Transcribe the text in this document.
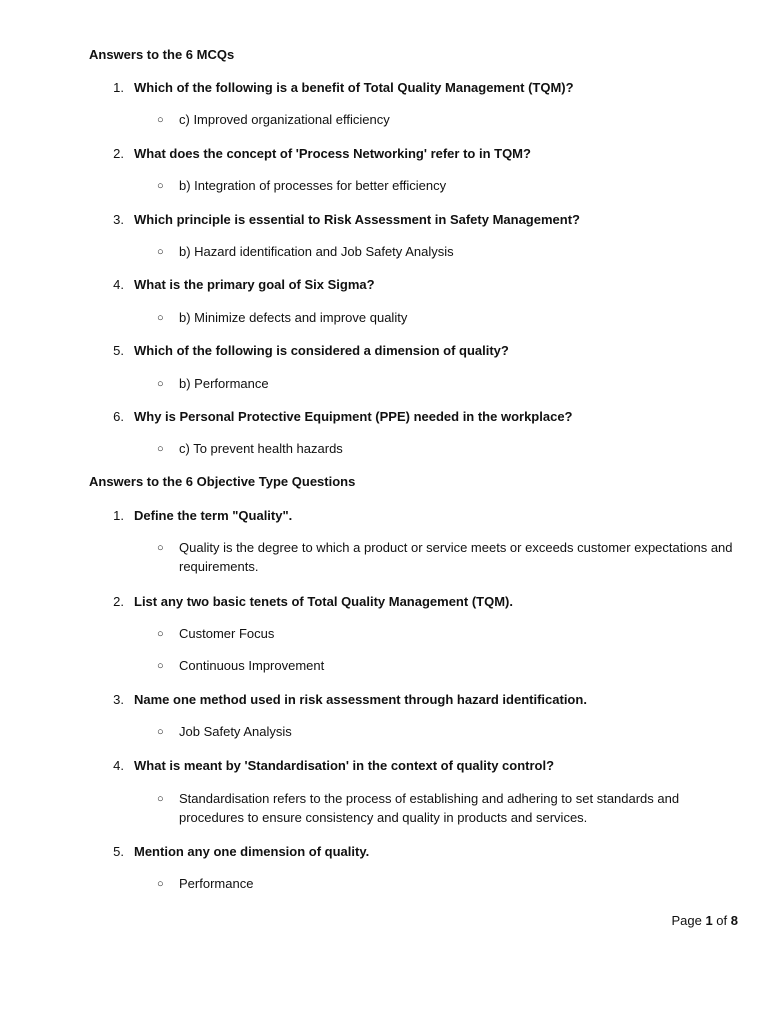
Answers to the 6 MCQs
1. Which of the following is a benefit of Total Quality Management (TQM)?
○ c) Improved organizational efficiency
2. What does the concept of 'Process Networking' refer to in TQM?
○ b) Integration of processes for better efficiency
3. Which principle is essential to Risk Assessment in Safety Management?
○ b) Hazard identification and Job Safety Analysis
4. What is the primary goal of Six Sigma?
○ b) Minimize defects and improve quality
5. Which of the following is considered a dimension of quality?
○ b) Performance
6. Why is Personal Protective Equipment (PPE) needed in the workplace?
○ c) To prevent health hazards
Answers to the 6 Objective Type Questions
1. Define the term "Quality".
○ Quality is the degree to which a product or service meets or exceeds customer expectations and requirements.
2. List any two basic tenets of Total Quality Management (TQM).
○ Customer Focus
○ Continuous Improvement
3. Name one method used in risk assessment through hazard identification.
○ Job Safety Analysis
4. What is meant by 'Standardisation' in the context of quality control?
○ Standardisation refers to the process of establishing and adhering to set standards and procedures to ensure consistency and quality in products and services.
5. Mention any one dimension of quality.
○ Performance
Page 1 of 8
